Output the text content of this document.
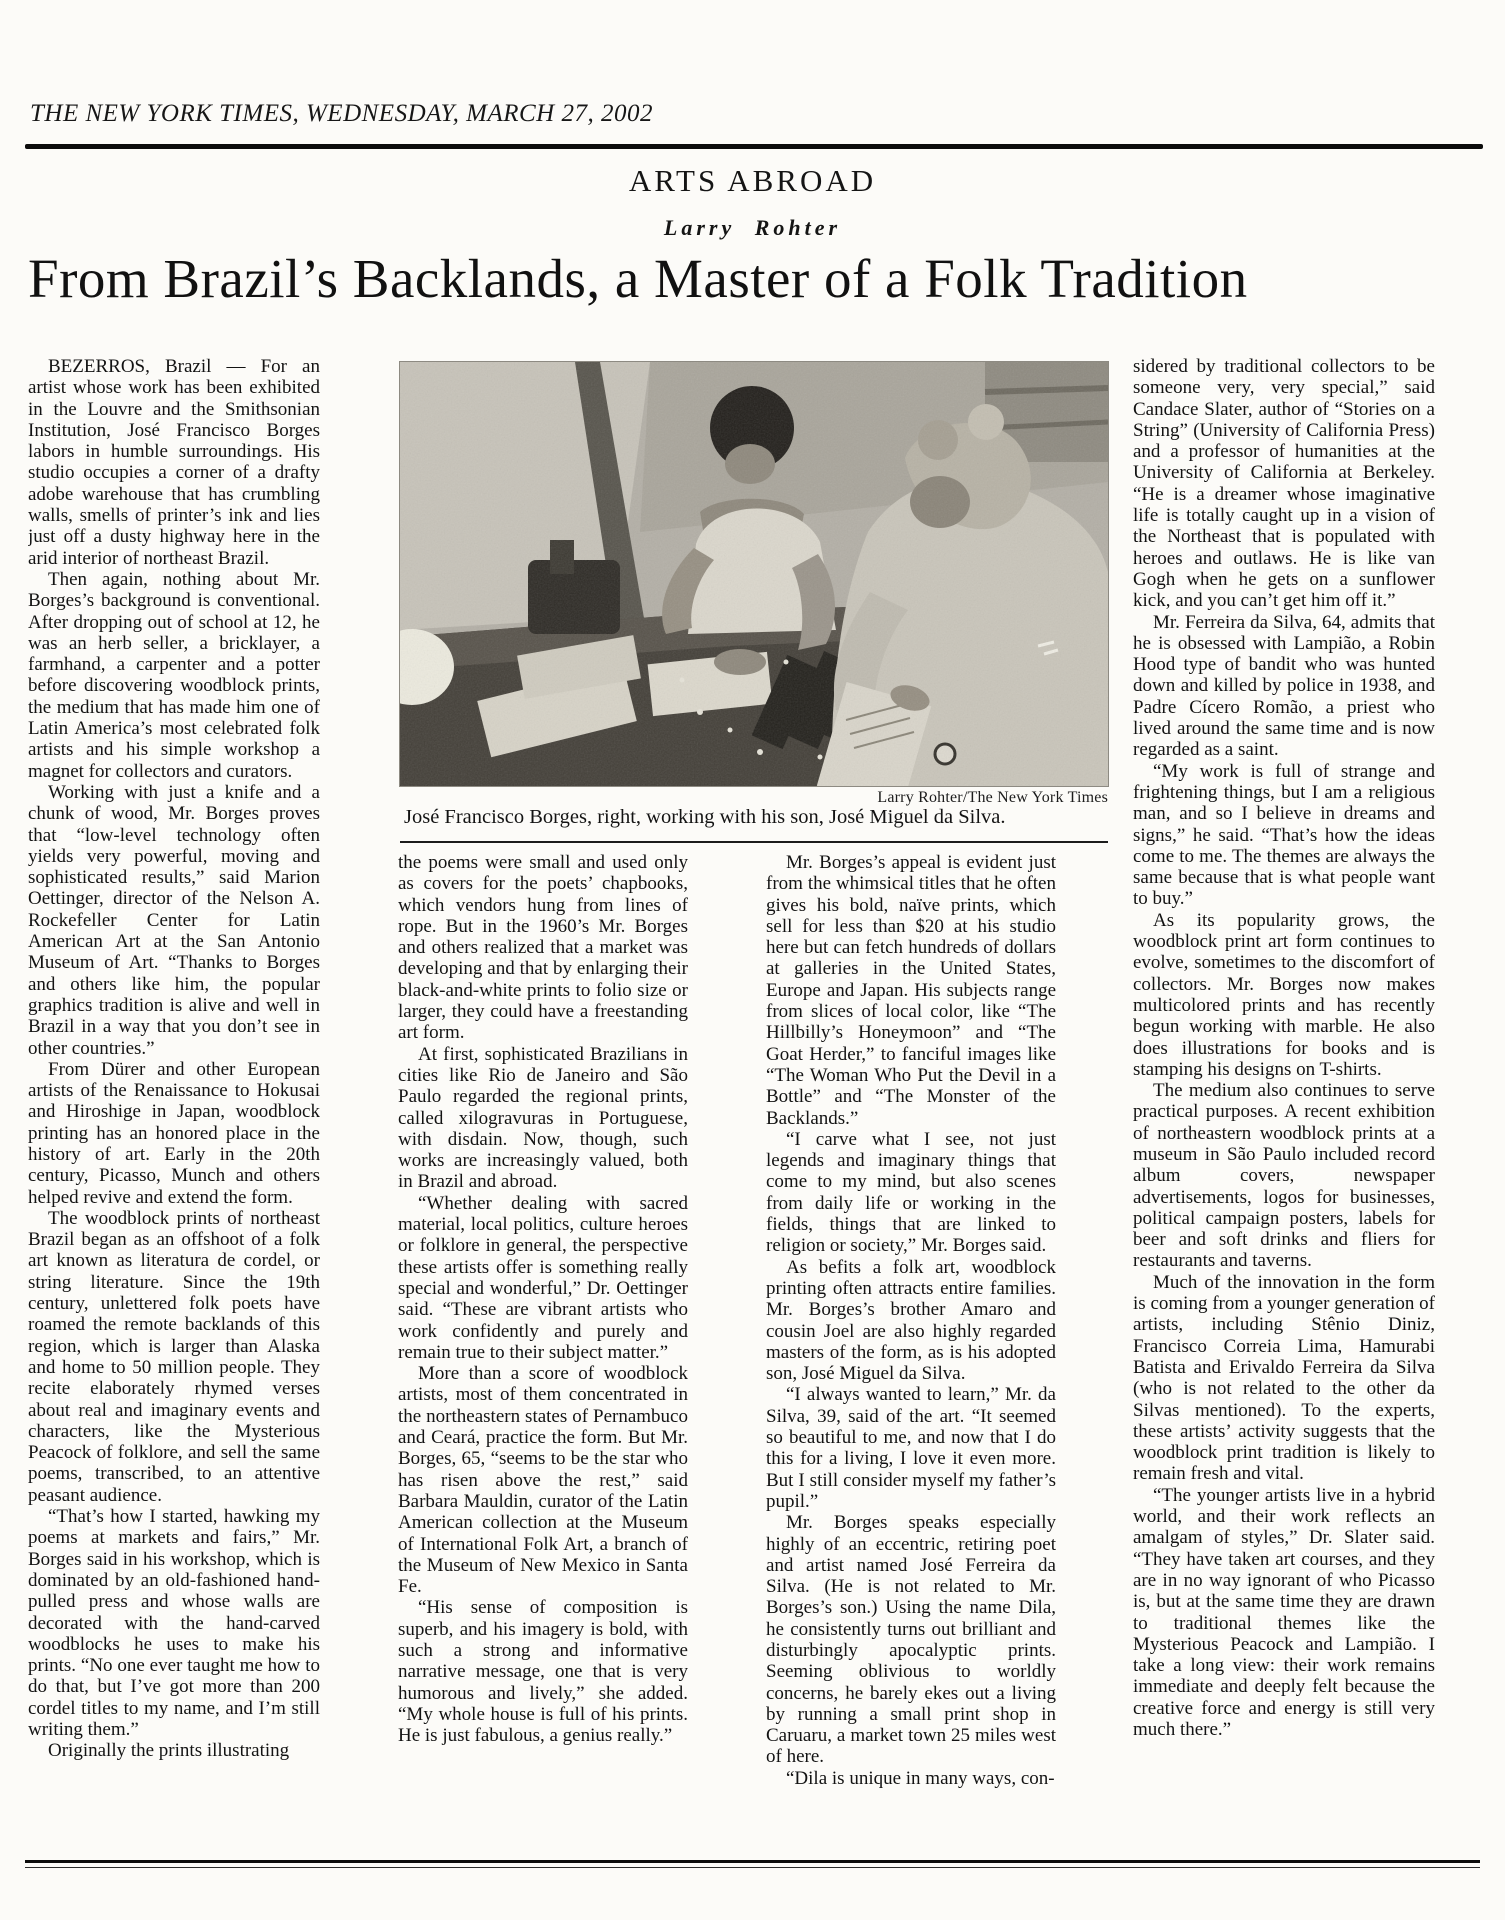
THE NEW YORK TIMES, WEDNESDAY, MARCH 27, 2002
ARTS ABROAD
Larry Rohter
From Brazil’s Backlands, a Master of a Folk Tradition
Larry Rohter/The New York Times
José Francisco Borges, right, working with his son, José Miguel da Silva.

BEZERROS, Brazil — For an artist whose work has been exhibited in the Louvre and the Smithsonian Institution, José Francisco Borges labors in humble surroundings. His studio occupies a corner of a drafty adobe warehouse that has crumbling walls, smells of printer’s ink and lies just off a dusty highway here in the arid interior of northeast Brazil.

Then again, nothing about Mr. Borges’s background is conventional. After dropping out of school at 12, he was an herb seller, a bricklayer, a farmhand, a carpenter and a potter before discovering woodblock prints, the medium that has made him one of Latin America’s most celebrated folk artists and his simple workshop a magnet for collectors and curators.

Working with just a knife and a chunk of wood, Mr. Borges proves that “low-level technology often yields very powerful, moving and sophisticated results,” said Marion Oettinger, director of the Nelson A. Rockefeller Center for Latin American Art at the San Antonio Museum of Art. “Thanks to Borges and others like him, the popular graphics tradition is alive and well in Brazil in a way that you don’t see in other countries.”

From Dürer and other European artists of the Renaissance to Hokusai and Hiroshige in Japan, woodblock printing has an honored place in the history of art. Early in the 20th century, Picasso, Munch and others helped revive and extend the form.

The woodblock prints of northeast Brazil began as an offshoot of a folk art known as literatura de cordel, or string literature. Since the 19th century, unlettered folk poets have roamed the remote backlands of this region, which is larger than Alaska and home to 50 million people. They recite elaborately rhymed verses about real and imaginary events and characters, like the Mysterious Peacock of folklore, and sell the same poems, transcribed, to an attentive peasant audience.

“That’s how I started, hawking my poems at markets and fairs,” Mr. Borges said in his workshop, which is dominated by an old-fashioned hand-pulled press and whose walls are decorated with the hand-carved woodblocks he uses to make his prints. “No one ever taught me how to do that, but I’ve got more than 200 cordel titles to my name, and I’m still writing them.”

Originally the prints illustrating

the poems were small and used only as covers for the poets’ chapbooks, which vendors hung from lines of rope. But in the 1960’s Mr. Borges and others realized that a market was developing and that by enlarging their black-and-white prints to folio size or larger, they could have a freestanding art form.

At first, sophisticated Brazilians in cities like Rio de Janeiro and São Paulo regarded the regional prints, called xilogravuras in Portuguese, with disdain. Now, though, such works are increasingly valued, both in Brazil and abroad.

“Whether dealing with sacred material, local politics, culture heroes or folklore in general, the perspective these artists offer is something really special and wonderful,” Dr. Oettinger said. “These are vibrant artists who work confidently and purely and remain true to their subject matter.”

More than a score of woodblock artists, most of them concentrated in the northeastern states of Pernambuco and Ceará, practice the form. But Mr. Borges, 65, “seems to be the star who has risen above the rest,” said Barbara Mauldin, curator of the Latin American collection at the Museum of International Folk Art, a branch of the Museum of New Mexico in Santa Fe.

“His sense of composition is superb, and his imagery is bold, with such a strong and informative narrative message, one that is very humorous and lively,” she added. “My whole house is full of his prints. He is just fabulous, a genius really.”

Mr. Borges’s appeal is evident just from the whimsical titles that he often gives his bold, naïve prints, which sell for less than $20 at his studio here but can fetch hundreds of dollars at galleries in the United States, Europe and Japan. His subjects range from slices of local color, like “The Hillbilly’s Honeymoon” and “The Goat Herder,” to fanciful images like “The Woman Who Put the Devil in a Bottle” and “The Monster of the Backlands.”

“I carve what I see, not just legends and imaginary things that come to my mind, but also scenes from daily life or working in the fields, things that are linked to religion or society,” Mr. Borges said.

As befits a folk art, woodblock printing often attracts entire families. Mr. Borges’s brother Amaro and cousin Joel are also highly regarded masters of the form, as is his adopted son, José Miguel da Silva.

“I always wanted to learn,” Mr. da Silva, 39, said of the art. “It seemed so beautiful to me, and now that I do this for a living, I love it even more. But I still consider myself my father’s pupil.”

Mr. Borges speaks especially highly of an eccentric, retiring poet and artist named José Ferreira da Silva. (He is not related to Mr. Borges’s son.) Using the name Dila, he consistently turns out brilliant and disturbingly apocalyptic prints. Seeming oblivious to worldly concerns, he barely ekes out a living by running a small print shop in Caruaru, a market town 25 miles west of here.

“Dila is unique in many ways, con-

sidered by traditional collectors to be someone very, very special,” said Candace Slater, author of “Stories on a String” (University of California Press) and a professor of humanities at the University of California at Berkeley. “He is a dreamer whose imaginative life is totally caught up in a vision of the Northeast that is populated with heroes and outlaws. He is like van Gogh when he gets on a sunflower kick, and you can’t get him off it.”

Mr. Ferreira da Silva, 64, admits that he is obsessed with Lampião, a Robin Hood type of bandit who was hunted down and killed by police in 1938, and Padre Cícero Romão, a priest who lived around the same time and is now regarded as a saint.

“My work is full of strange and frightening things, but I am a religious man, and so I believe in dreams and signs,” he said. “That’s how the ideas come to me. The themes are always the same because that is what people want to buy.”

As its popularity grows, the woodblock print art form continues to evolve, sometimes to the discomfort of collectors. Mr. Borges now makes multicolored prints and has recently begun working with marble. He also does illustrations for books and is stamping his designs on T-shirts.

The medium also continues to serve practical purposes. A recent exhibition of northeastern woodblock prints at a museum in São Paulo included record album covers, newspaper advertisements, logos for businesses, political campaign posters, labels for beer and soft drinks and fliers for restaurants and taverns.

Much of the innovation in the form is coming from a younger generation of artists, including Stênio Diniz, Francisco Correia Lima, Hamurabi Batista and Erivaldo Ferreira da Silva (who is not related to the other da Silvas mentioned). To the experts, these artists’ activity suggests that the woodblock print tradition is likely to remain fresh and vital.

“The younger artists live in a hybrid world, and their work reflects an amalgam of styles,” Dr. Slater said. “They have taken art courses, and they are in no way ignorant of who Picasso is, but at the same time they are drawn to traditional themes like the Mysterious Peacock and Lampião. I take a long view: their work remains immediate and deeply felt because the creative force and energy is still very much there.”
